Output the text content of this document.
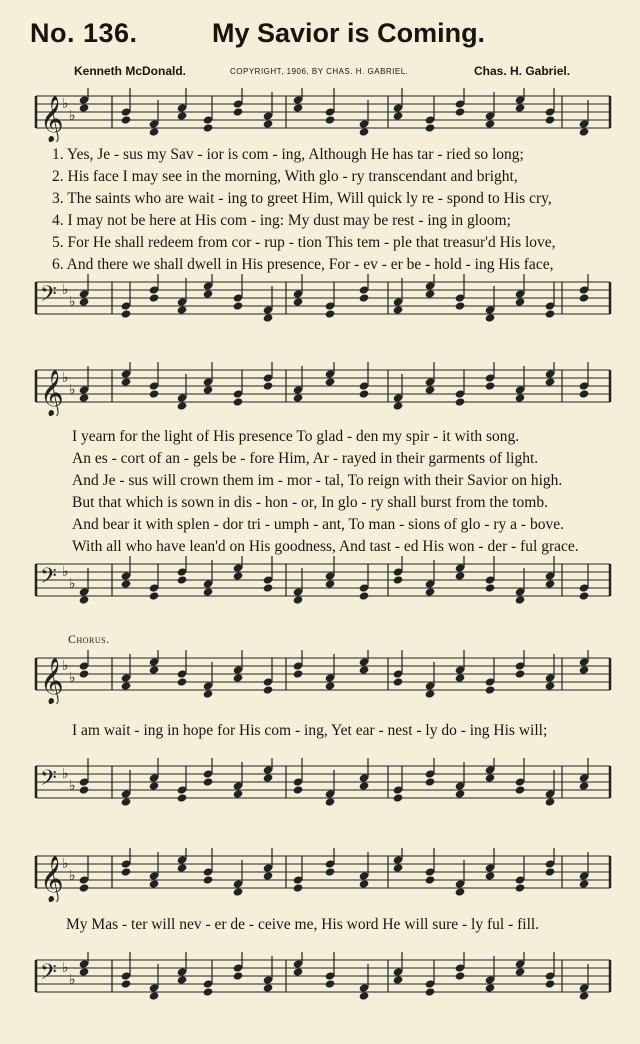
No. 136.	My Savior is Coming.
Kenneth McDonald.	COPYRIGHT, 1906, BY CHAS. H. GABRIEL.	Chas. H. Gabriel.
𝄞
♭
♭
1. Yes, Je - sus my Sav - ior is com - ing, Although He has tar - ried so long;
2. His face I may see in the morning, With glo - ry transcendant and bright,
3. The saints who are wait - ing to greet Him, Will quick ly re - spond to His cry,
4. I may not be here at His com - ing: My dust may be rest - ing in gloom;
5. For He shall redeem from cor - rup - tion This tem - ple that treasur'd His love,
6. And there we shall dwell in His presence, For - ev - er be - hold - ing His face,
𝄢 ♭
♭
𝄞
♭
♭
I yearn for the light of His presence To glad - den my spir - it with song.
An es - cort of an - gels be - fore Him, Ar - rayed in their garments of light.
And Je - sus will crown them im - mor - tal, To reign with their Savior on high.
But that which is sown in dis - hon - or, In glo - ry shall burst from the tomb.
And bear it with splen - dor tri - umph - ant, To man - sions of glo - ry a - bove.
With all who have lean'd on His goodness, And tast - ed His won - der - ful grace.
𝄢 ♭
♭
Chorus.
𝄞
♭
♭
I am wait - ing in hope for His com - ing, Yet ear - nest - ly do - ing His will;
𝄢 ♭
♭
𝄞
♭
♭
My Mas - ter will nev - er de - ceive me, His word He will sure - ly ful - fill.
𝄢 ♭
♭
